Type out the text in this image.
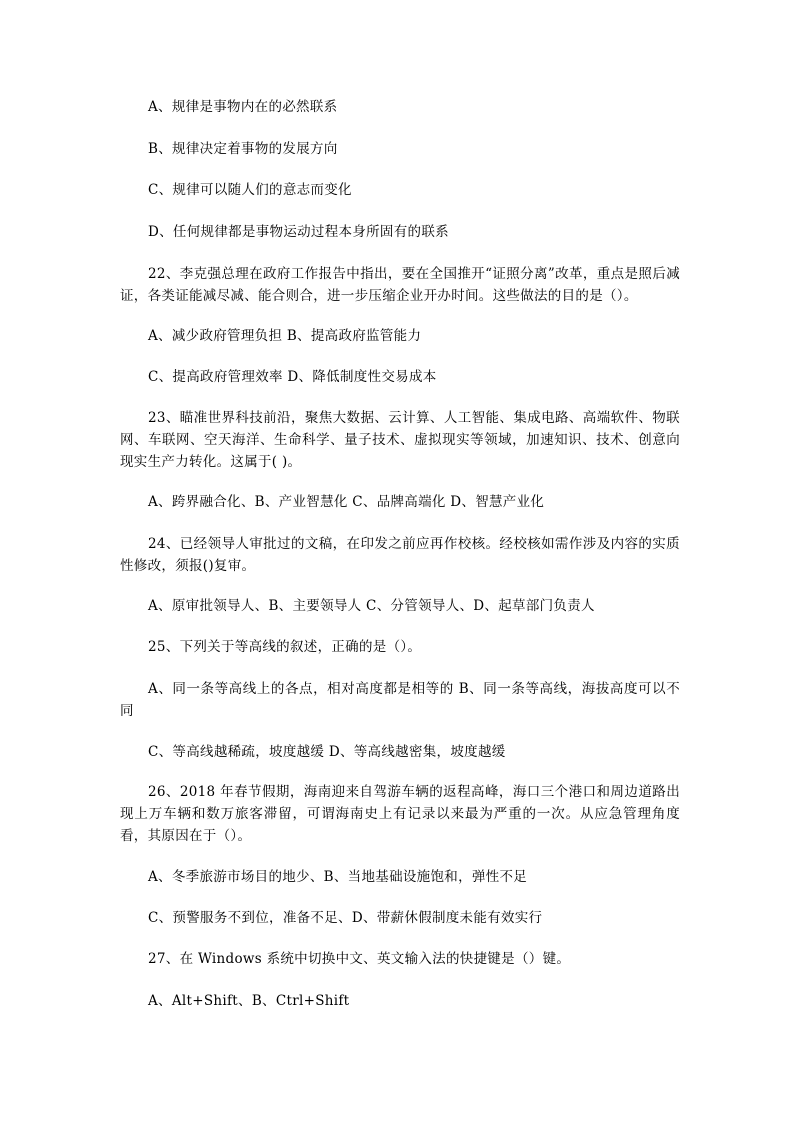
A、规律是事物内在的必然联系
B、规律决定着事物的发展方向
C、规律可以随人们的意志而变化
D、任何规律都是事物运动过程本身所固有的联系

22、李克强总理在政府工作报告中指出，要在全国推开“证照分离”改革，重点是照后减证，各类证能减尽减、能合则合，进一步压缩企业开办时间。这些做法的目的是（）。

A、减少政府管理负担 B、提高政府监管能力
C、提高政府管理效率 D、降低制度性交易成本

23、瞄准世界科技前沿，聚焦大数据、云计算、人工智能、集成电路、高端软件、物联网、车联网、空天海洋、生命科学、量子技术、虚拟现实等领域，加速知识、技术、创意向现实生产力转化。这属于( )。

A、跨界融合化、B、产业智慧化 C、品牌高端化 D、智慧产业化

24、已经领导人审批过的文稿，在印发之前应再作校核。经校核如需作涉及内容的实质性修改，须报()复审。

A、原审批领导人、B、主要领导人 C、分管领导人、D、起草部门负责人
25、下列关于等高线的叙述，正确的是（）。

A、同一条等高线上的各点，相对高度都是相等的 B、同一条等高线，海拔高度可以不同

C、等高线越稀疏，坡度越缓 D、等高线越密集，坡度越缓

26、2018 年春节假期，海南迎来自驾游车辆的返程高峰，海口三个港口和周边道路出现上万车辆和数万旅客滞留，可谓海南史上有记录以来最为严重的一次。从应急管理角度看，其原因在于（）。

A、冬季旅游市场目的地少、B、当地基础设施饱和，弹性不足
C、预警服务不到位，准备不足、D、带薪休假制度未能有效实行
27、在 Windows 系统中切换中文、英文输入法的快捷键是（）键。
A、Alt+Shift、B、Ctrl+Shift
